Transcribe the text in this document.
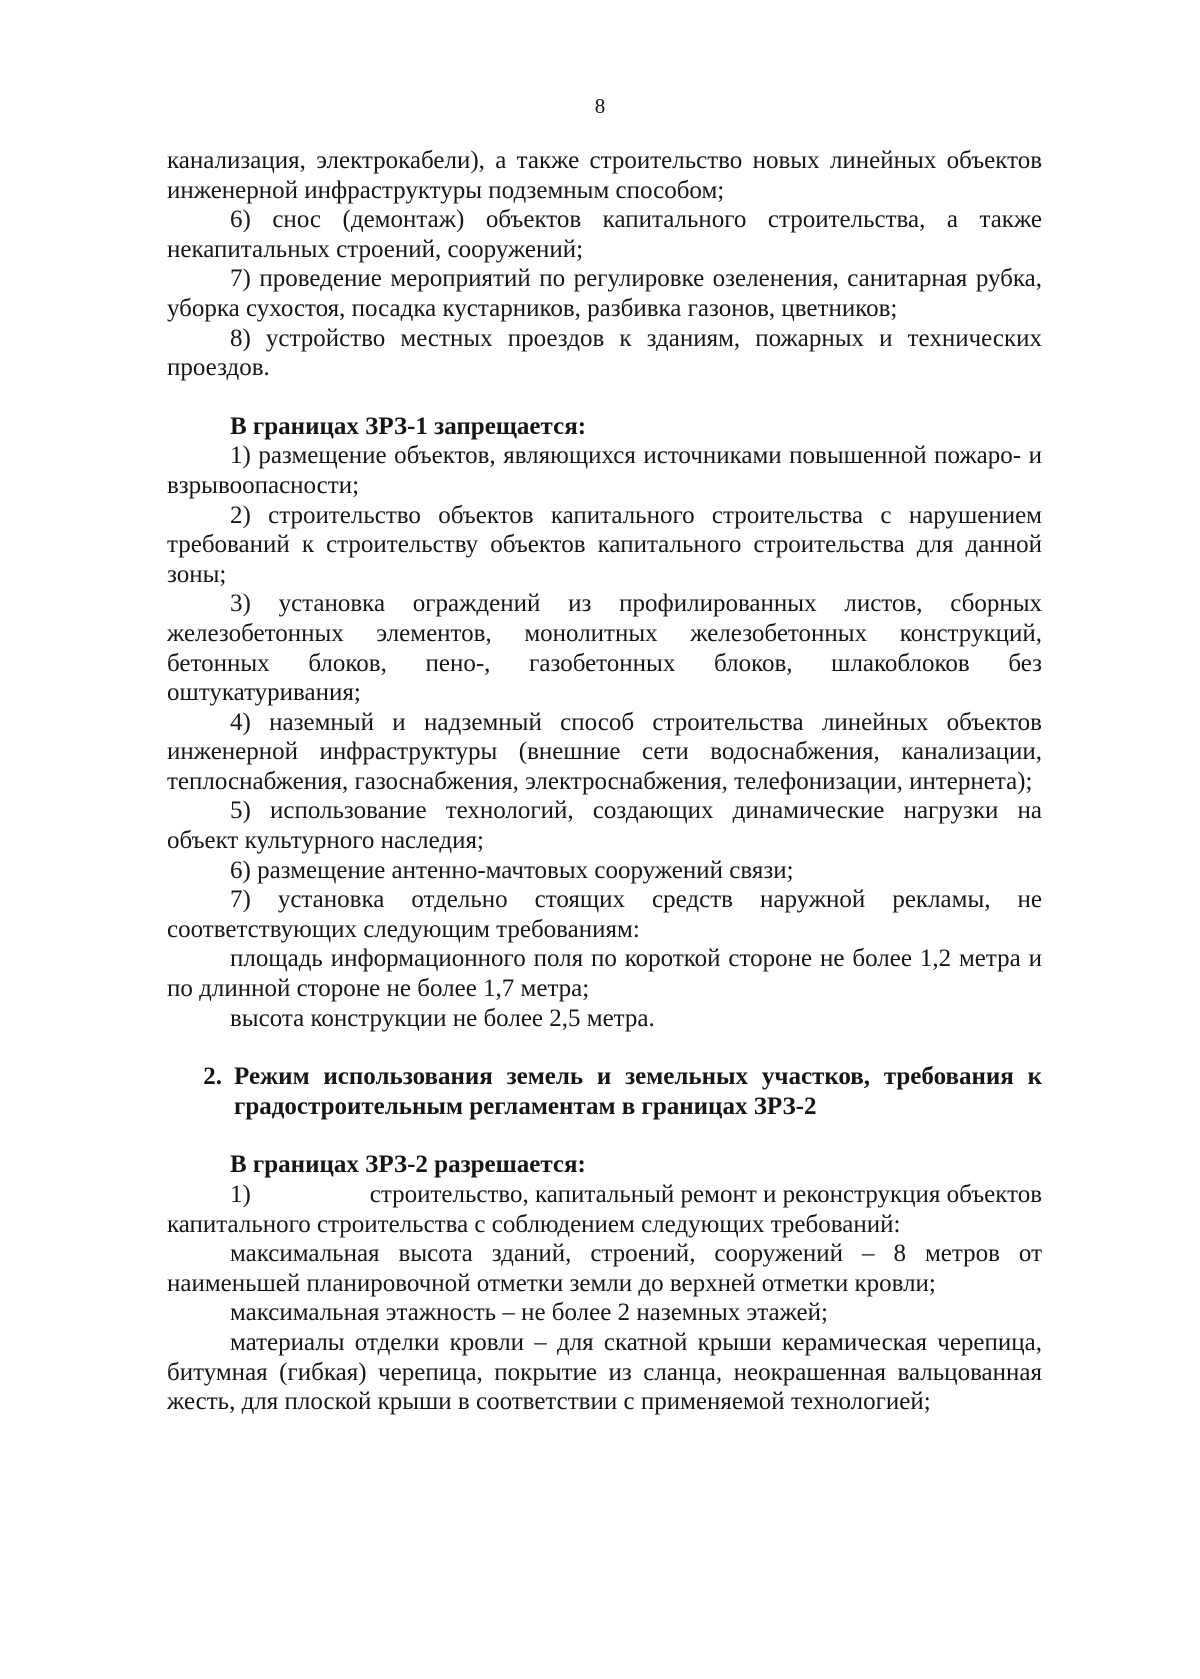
8

канализация, электрокабели), а также строительство новых линейных объектов инженерной инфраструктуры подземным способом;

6) снос (демонтаж) объектов капитального строительства, а также некапитальных строений, сооружений;

7) проведение мероприятий по регулировке озеленения, санитарная рубка, уборка сухостоя, посадка кустарников, разбивка газонов, цветников;

8) устройство местных проездов к зданиям, пожарных и технических проездов.

В границах ЗРЗ-1 запрещается:

1) размещение объектов, являющихся источниками повышенной пожаро- и взрывоопасности;

2) строительство объектов капитального строительства с нарушением требований к строительству объектов капитального строительства для данной зоны;

3) установка ограждений из профилированных листов, сборных железобетонных элементов, монолитных железобетонных конструкций, бетонных блоков, пено-, газобетонных блоков, шлакоблоков без оштукатуривания;

4) наземный и надземный способ строительства линейных объектов инженерной инфраструктуры (внешние сети водоснабжения, канализации, теплоснабжения, газоснабжения, электроснабжения, телефонизации, интернета);

5) использование технологий, создающих динамические нагрузки на объект культурного наследия;

6) размещение антенно-мачтовых сооружений связи;

7) установка отдельно стоящих средств наружной рекламы, не соответствующих следующим требованиям:

площадь информационного поля по короткой стороне не более 1,2 метра и по длинной стороне не более 1,7 метра;

высота конструкции не более 2,5 метра.

2. Режим использования земель и земельных участков, требования к градостроительным регламентам в границах ЗРЗ-2

В границах ЗРЗ-2 разрешается:

1)	строительство, капитальный ремонт и реконструкция объектов

капитального строительства с соблюдением следующих требований:

максимальная высота зданий, строений, сооружений – 8 метров от наименьшей планировочной отметки земли до верхней отметки кровли;

максимальная этажность – не более 2 наземных этажей;

материалы отделки кровли – для скатной крыши керамическая черепица, битумная (гибкая) черепица, покрытие из сланца, неокрашенная вальцованная жесть, для плоской крыши в соответствии с применяемой технологией;
